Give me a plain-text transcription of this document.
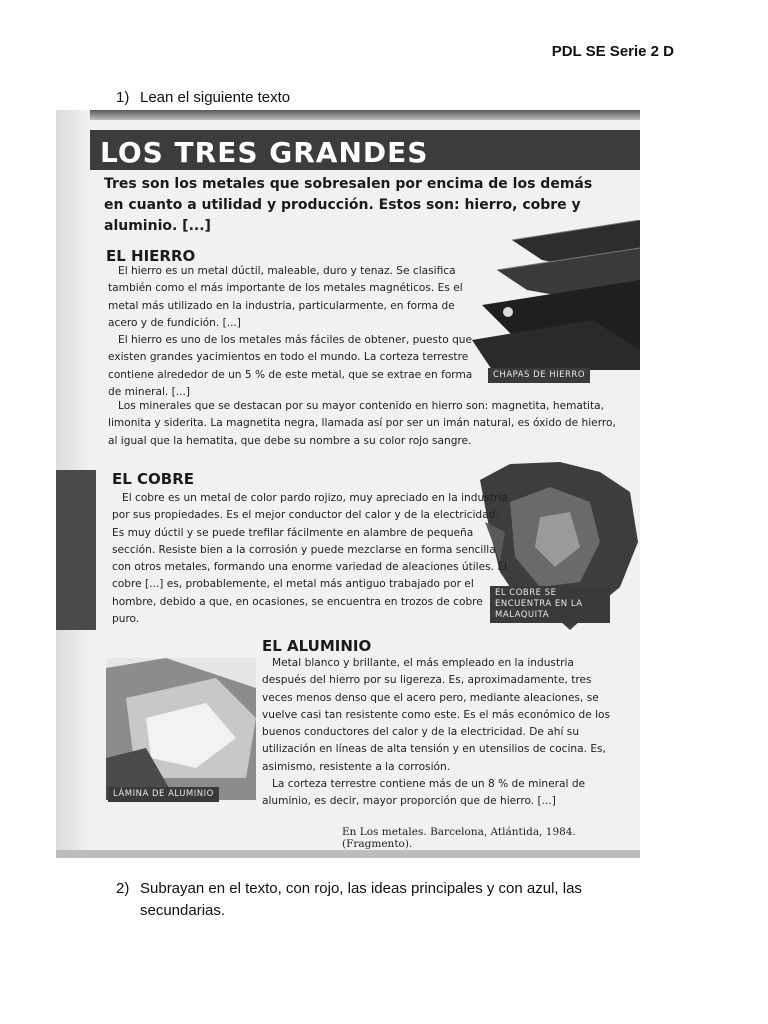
PDL SE Serie 2 D
1) Lean el siguiente texto
LOS TRES GRANDES
Tres son los metales que sobresalen por encima de los demás en cuanto a utilidad y producción. Estos son: hierro, cobre y aluminio. [...]
CHAPAS DE HIERRO
EL HIERRO

El hierro es un metal dúctil, maleable, duro y tenaz. Se clasifica también como el más importante de los metales magnéticos. Es el metal más utilizado en la industria, particularmente, en forma de acero y de fundición. [...]

El hierro es uno de los metales más fáciles de obtener, puesto que existen grandes yacimientos en todo el mundo. La corteza terrestre contiene alrededor de un 5 % de este metal, que se extrae en forma de mineral. [...]

Los minerales que se destacan por su mayor contenido en hierro son: magnetita, hematita, limonita y siderita. La magnetita negra, llamada así por ser un imán natural, es óxido de hierro, al igual que la hematita, que debe su nombre a su color rojo sangre.

EL COBRE SE ENCUENTRA EN LA MALAQUITA
EL COBRE

El cobre es un metal de color pardo rojizo, muy apreciado en la industria por sus propiedades. Es el mejor conductor del calor y de la electricidad. Es muy dúctil y se puede trefilar fácilmente en alambre de pequeña sección. Resiste bien a la corrosión y puede mezclarse en forma sencilla con otros metales, formando una enorme variedad de aleaciones útiles. El cobre [...] es, probablemente, el metal más antiguo trabajado por el hombre, debido a que, en ocasiones, se encuentra en trozos de cobre puro.

LÁMINA DE ALUMINIO
EL ALUMINIO

Metal blanco y brillante, el más empleado en la industria después del hierro por su ligereza. Es, aproximadamente, tres veces menos denso que el acero pero, mediante aleaciones, se vuelve casi tan resistente como este. Es el más económico de los buenos conductores del calor y de la electricidad. De ahí su utilización en líneas de alta tensión y en utensilios de cocina. Es, asimismo, resistente a la corrosión.

La corteza terrestre contiene más de un 8 % de mineral de aluminio, es decir, mayor proporción que de hierro. [...]

En Los metales. Barcelona, Atlántida, 1984. (Fragmento).
2) Subrayan en el texto, con rojo, las ideas principales y con azul, las secundarias.
